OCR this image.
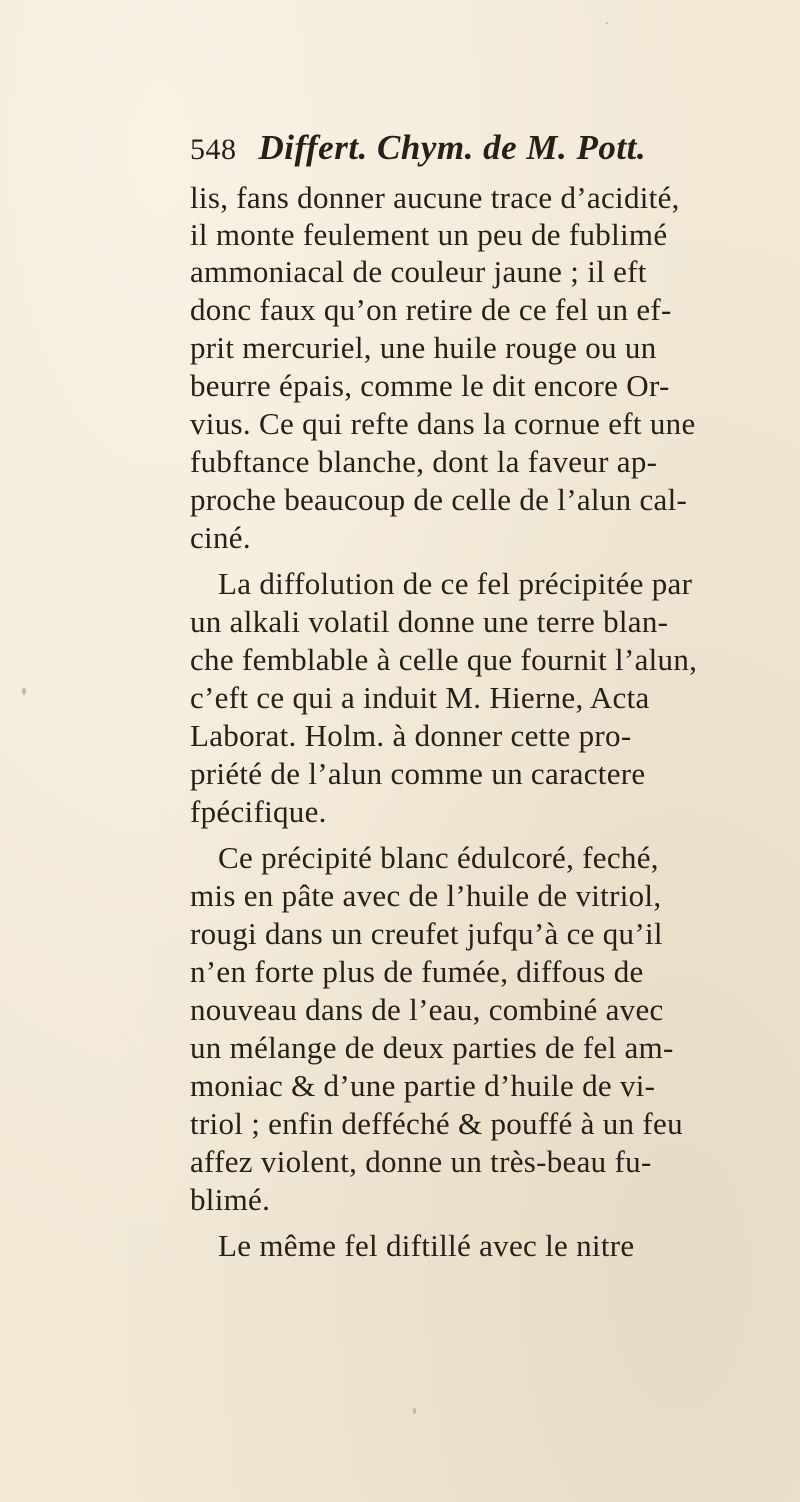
548 Differt. Chym. de M. Pott.
lis, fans donner aucune trace d’acidité,
il monte feulement un peu de fublimé
ammoniacal de couleur jaune ; il eft
donc faux qu’on retire de ce fel un ef-
prit mercuriel, une huile rouge ou un
beurre épais, comme le dit encore Or-
vius. Ce qui refte dans la cornue eft une
fubftance blanche, dont la faveur ap-
proche beaucoup de celle de l’alun cal-
ciné.
La diffolution de ce fel précipitée par
un alkali volatil donne une terre blan-
che femblable à celle que fournit l’alun,
c’eft ce qui a induit M. Hierne, Acta
Laborat. Holm. à donner cette pro-
priété de l’alun comme un caractere
fpécifique.
Ce précipité blanc édulcoré, feché,
mis en pâte avec de l’huile de vitriol,
rougi dans un creufet jufqu’à ce qu’il
n’en forte plus de fumée, diffous de
nouveau dans de l’eau, combiné avec
un mélange de deux parties de fel am-
moniac & d’une partie d’huile de vi-
triol ; enfin defféché & pouffé à un feu
affez violent, donne un très-beau fu-
blimé.
Le même fel diftillé avec le nitre
